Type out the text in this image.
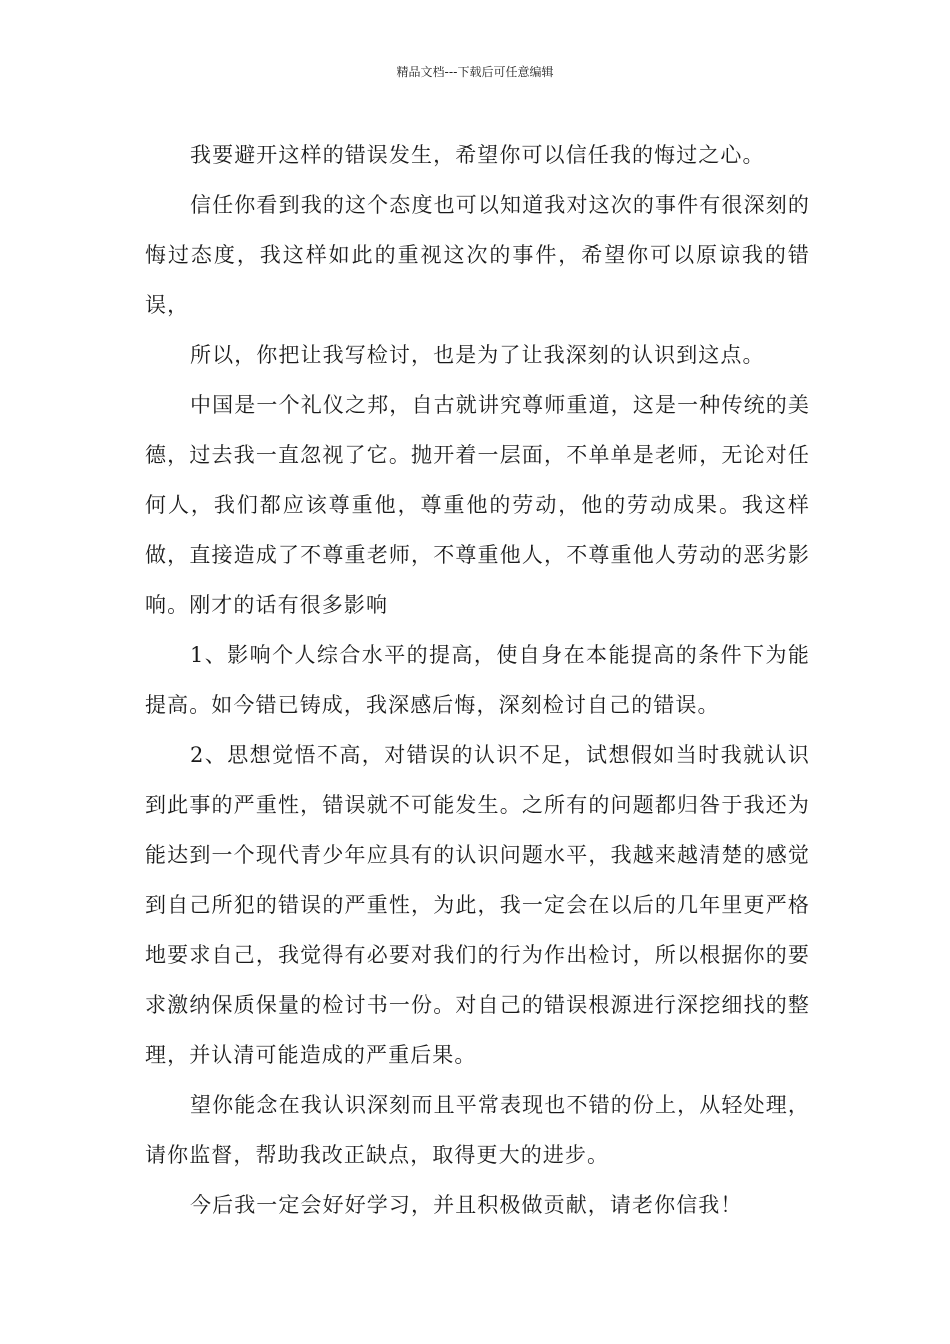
精品文档---下载后可任意编辑

我要避开这样的错误发生，希望你可以信任我的悔过之心。

信任你看到我的这个态度也可以知道我对这次的事件有很深刻的悔过态度，我这样如此的重视这次的事件，希望你可以原谅我的错误，

所以，你把让我写检讨，也是为了让我深刻的认识到这点。

中国是一个礼仪之邦，自古就讲究尊师重道，这是一种传统的美德，过去我一直忽视了它。抛开着一层面，不单单是老师，无论对任何人，我们都应该尊重他，尊重他的劳动，他的劳动成果。我这样做，直接造成了不尊重老师，不尊重他人，不尊重他人劳动的恶劣影响。刚才的话有很多影响

1、影响个人综合水平的提高，使自身在本能提高的条件下为能提高。如今错已铸成，我深感后悔，深刻检讨自己的错误。

2、思想觉悟不高，对错误的认识不足，试想假如当时我就认识到此事的严重性，错误就不可能发生。之所有的问题都归咎于我还为能达到一个现代青少年应具有的认识问题水平，我越来越清楚的感觉到自己所犯的错误的严重性，为此，我一定会在以后的几年里更严格地要求自己，我觉得有必要对我们的行为作出检讨，所以根据你的要求激纳保质保量的检讨书一份。对自己的错误根源进行深挖细找的整理，并认清可能造成的严重后果。

望你能念在我认识深刻而且平常表现也不错的份上，从轻处理，请你监督，帮助我改正缺点，取得更大的进步。

今后我一定会好好学习，并且积极做贡献，请老你信我！
